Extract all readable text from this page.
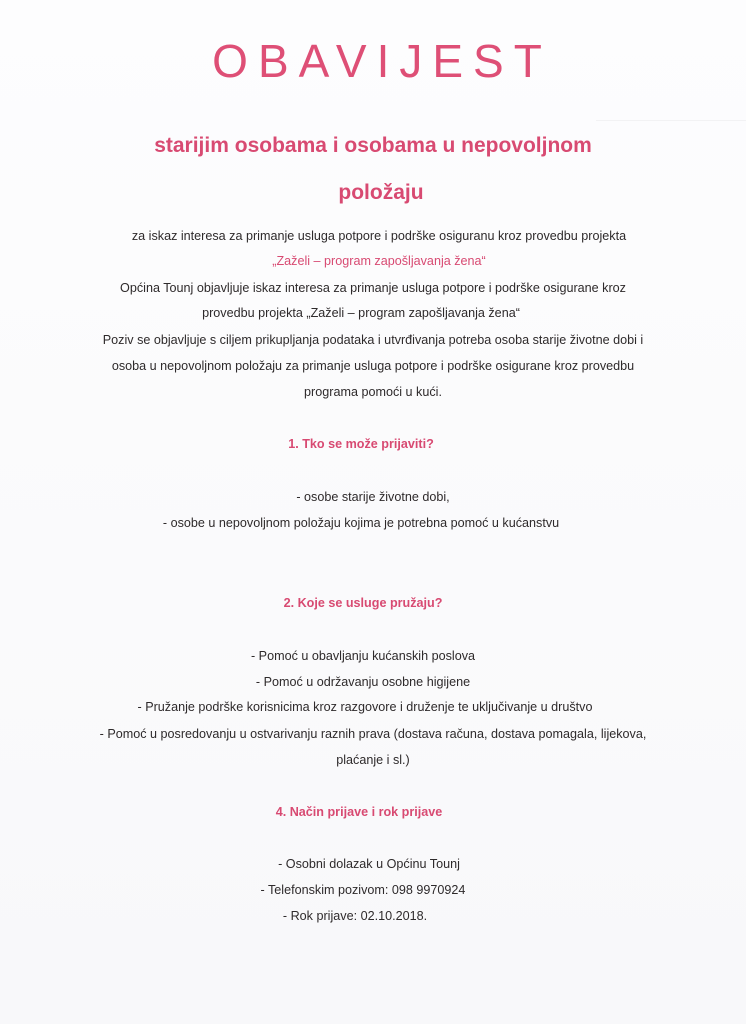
OBAVIJEST
starijim osobama i osobama u nepovoljnom
položaju
za iskaz interesa za primanje usluga potpore i podrške osiguranu kroz provedbu projekta
„Zaželi – program zapošljavanja žena“
Općina Tounj objavljuje iskaz interesa za primanje usluga potpore i podrške osigurane kroz
provedbu projekta „Zaželi – program zapošljavanja žena“
Poziv se objavljuje s ciljem prikupljanja podataka i utvrđivanja potreba osoba starije životne dobi i
osoba u nepovoljnom položaju za primanje usluga potpore i podrške osigurane kroz provedbu
programa pomoći u kući.
1. Tko se može prijaviti?
- osobe starije životne dobi,
- osobe u nepovoljnom položaju kojima je potrebna pomoć u kućanstvu
2. Koje se usluge pružaju?
- Pomoć u obavljanju kućanskih poslova
- Pomoć u održavanju osobne higijene
- Pružanje podrške korisnicima kroz razgovore i druženje te uključivanje u društvo
- Pomoć u posredovanju u ostvarivanju raznih prava (dostava računa, dostava pomagala, lijekova,
plaćanje i sl.)
4. Način prijave i rok prijave
- Osobni dolazak u Općinu Tounj
- Telefonskim pozivom: 098 9970924
- Rok prijave: 02.10.2018.
